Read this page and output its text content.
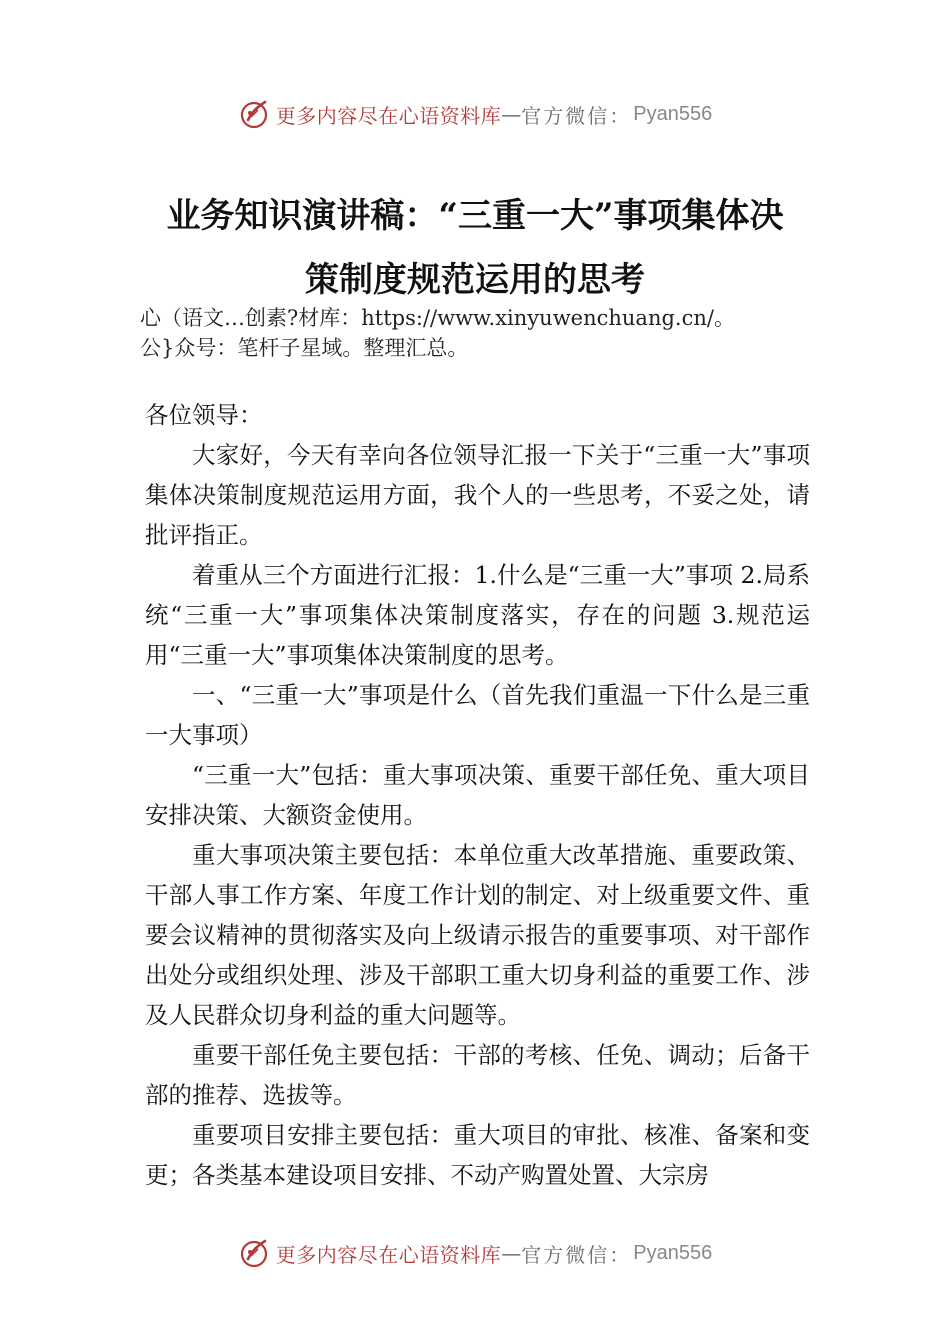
更多内容尽在心语资料库 — 官方微信： Pyan556
业务知识演讲稿：“三重一大”事项集体决
策制度规范运用的思考
心（语文…创素?材库：https://www.xinyuwenchuang.cn/。
公}众号：笔杆子星域。整理汇总。

各位领导：

大家好，今天有幸向各位领导汇报一下关于“三重一大”事项集体决策制度规范运用方面，我个人的一些思考，不妥之处，请批评指正。

着重从三个方面进行汇报：1.什么是“三重一大”事项 2.局系统“三重一大”事项集体决策制度落实，存在的问题 3.规范运用“三重一大”事项集体决策制度的思考。

一、“三重一大”事项是什么（首先我们重温一下什么是三重一大事项）

“三重一大”包括：重大事项决策、重要干部任免、重大项目安排决策、大额资金使用。

重大事项决策主要包括：本单位重大改革措施、重要政策、干部人事工作方案、年度工作计划的制定、对上级重要文件、重要会议精神的贯彻落实及向上级请示报告的重要事项、对干部作出处分或组织处理、涉及干部职工重大切身利益的重要工作、涉及人民群众切身利益的重大问题等。

重要干部任免主要包括：干部的考核、任免、调动；后备干部的推荐、选拔等。

重要项目安排主要包括：重大项目的审批、核准、备案和变更；各类基本建设项目安排、不动产购置处置、大宗房

更多内容尽在心语资料库 — 官方微信： Pyan556
